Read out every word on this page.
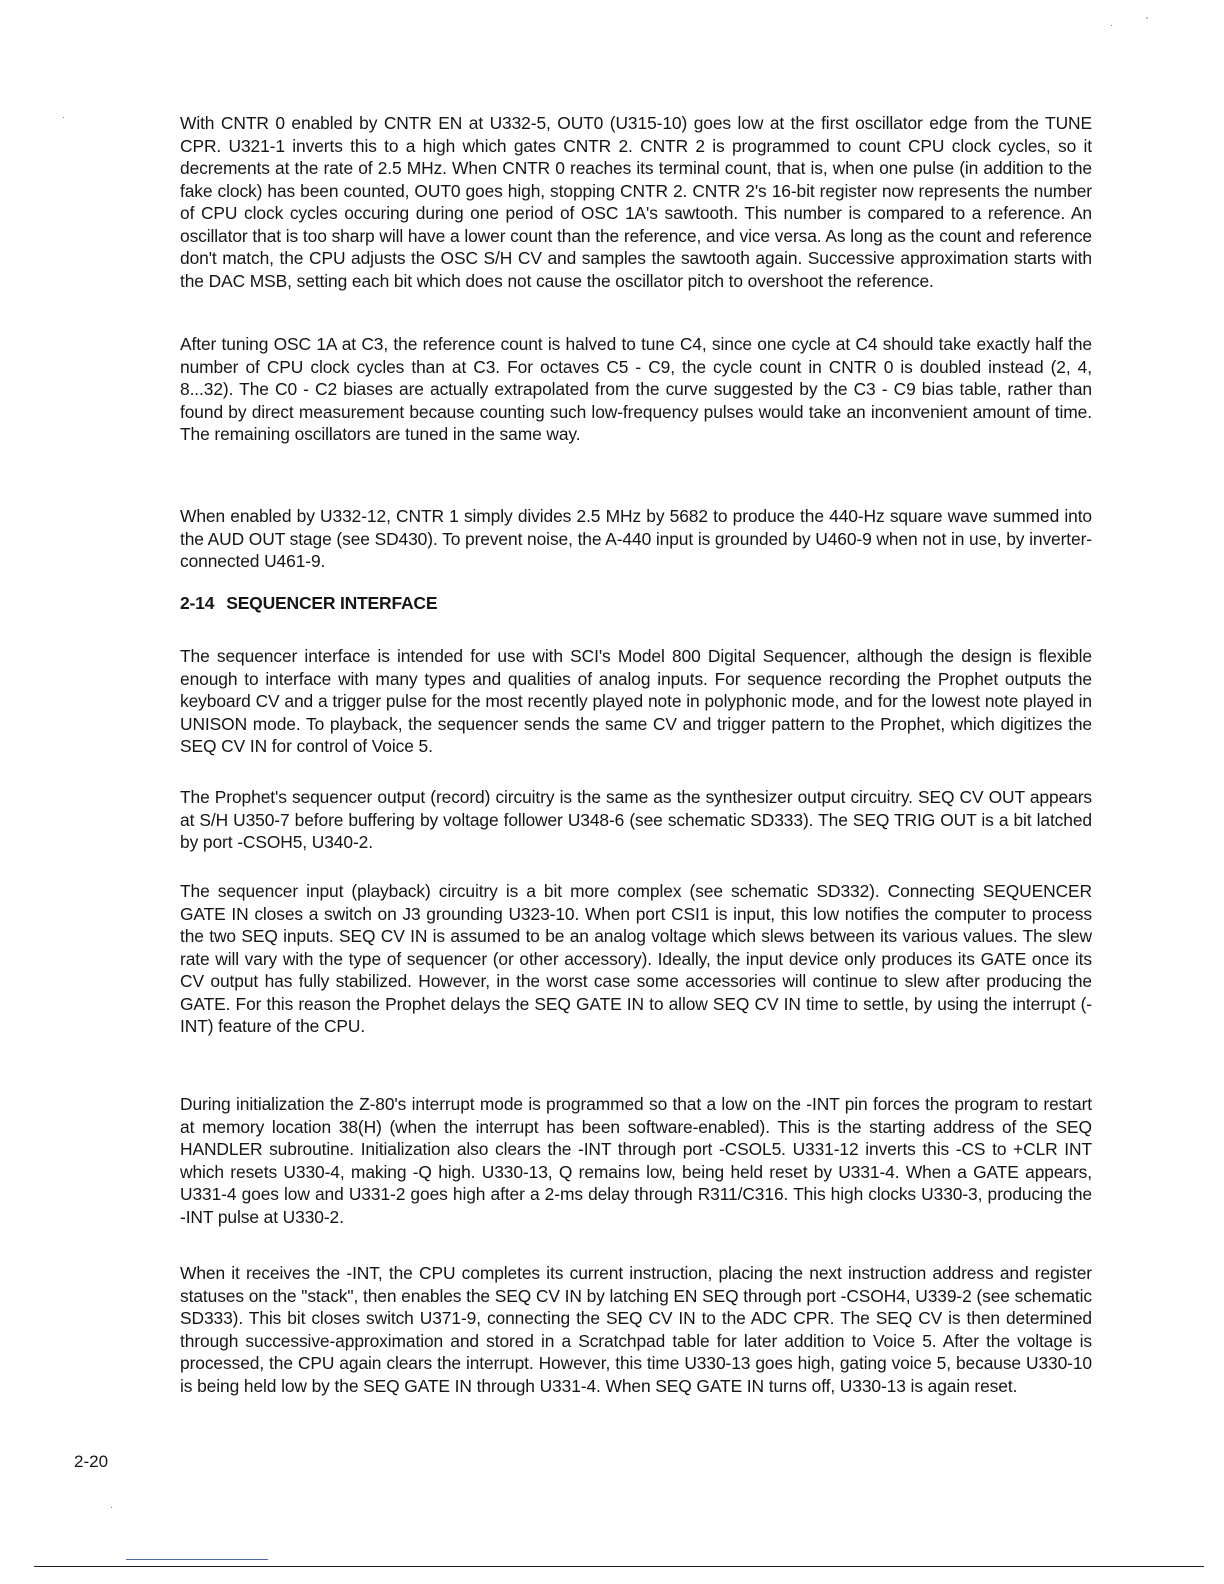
With CNTR 0 enabled by CNTR EN at U332-5, OUT0 (U315-10) goes low at the first oscillator edge from the TUNE CPR. U321-1 inverts this to a high which gates CNTR 2. CNTR 2 is programmed to count CPU clock cycles, so it decrements at the rate of 2.5 MHz. When CNTR 0 reaches its terminal count, that is, when one pulse (in addition to the fake clock) has been counted, OUT0 goes high, stopping CNTR 2. CNTR 2's 16-bit register now represents the number of CPU clock cycles occuring during one period of OSC 1A's sawtooth. This number is compared to a reference. An oscillator that is too sharp will have a lower count than the reference, and vice versa. As long as the count and reference don't match, the CPU adjusts the OSC S/H CV and samples the sawtooth again. Successive approximation starts with the DAC MSB, setting each bit which does not cause the oscillator pitch to overshoot the reference.

After tuning OSC 1A at C3, the reference count is halved to tune C4, since one cycle at C4 should take exactly half the number of CPU clock cycles than at C3. For octaves C5 - C9, the cycle count in CNTR 0 is doubled instead (2, 4, 8...32). The C0 - C2 biases are actually extrapolated from the curve suggested by the C3 - C9 bias table, rather than found by direct measurement because counting such low-frequency pulses would take an inconvenient amount of time. The remaining oscillators are tuned in the same way.

When enabled by U332-12, CNTR 1 simply divides 2.5 MHz by 5682 to produce the 440-Hz square wave summed into the AUD OUT stage (see SD430). To prevent noise, the A-440 input is grounded by U460-9 when not in use, by inverter-connected U461-9.

2-14 SEQUENCER INTERFACE

The sequencer interface is intended for use with SCI's Model 800 Digital Sequencer, although the design is flexible enough to interface with many types and qualities of analog inputs. For sequence recording the Prophet outputs the keyboard CV and a trigger pulse for the most recently played note in polyphonic mode, and for the lowest note played in UNISON mode. To playback, the sequencer sends the same CV and trigger pattern to the Prophet, which digitizes the SEQ CV IN for control of Voice 5.

The Prophet's sequencer output (record) circuitry is the same as the synthesizer output circuitry. SEQ CV OUT appears at S/H U350-7 before buffering by voltage follower U348-6 (see schematic SD333). The SEQ TRIG OUT is a bit latched by port -CSOH5, U340-2.

The sequencer input (playback) circuitry is a bit more complex (see schematic SD332). Connecting SEQUENCER GATE IN closes a switch on J3 grounding U323-10. When port CSI1 is input, this low notifies the computer to process the two SEQ inputs. SEQ CV IN is assumed to be an analog voltage which slews between its various values. The slew rate will vary with the type of sequencer (or other accessory). Ideally, the input device only produces its GATE once its CV output has fully stabilized. However, in the worst case some accessories will continue to slew after producing the GATE. For this reason the Prophet delays the SEQ GATE IN to allow SEQ CV IN time to settle, by using the interrupt (-INT) feature of the CPU.

During initialization the Z-80's interrupt mode is programmed so that a low on the -INT pin forces the program to restart at memory location 38(H) (when the interrupt has been software-enabled). This is the starting address of the SEQ HANDLER subroutine. Initialization also clears the -INT through port -CSOL5. U331-12 inverts this -CS to +CLR INT which resets U330-4, making -Q high. U330-13, Q remains low, being held reset by U331-4. When a GATE appears, U331-4 goes low and U331-2 goes high after a 2-ms delay through R311/C316. This high clocks U330-3, producing the -INT pulse at U330-2.

When it receives the -INT, the CPU completes its current instruction, placing the next instruction address and register statuses on the "stack", then enables the SEQ CV IN by latching EN SEQ through port -CSOH4, U339-2 (see schematic SD333). This bit closes switch U371-9, connecting the SEQ CV IN to the ADC CPR. The SEQ CV is then determined through successive-approximation and stored in a Scratchpad table for later addition to Voice 5. After the voltage is processed, the CPU again clears the interrupt. However, this time U330-13 goes high, gating voice 5, because U330-10 is being held low by the SEQ GATE IN through U331-4. When SEQ GATE IN turns off, U330-13 is again reset.

2-20

.	'
.
.
